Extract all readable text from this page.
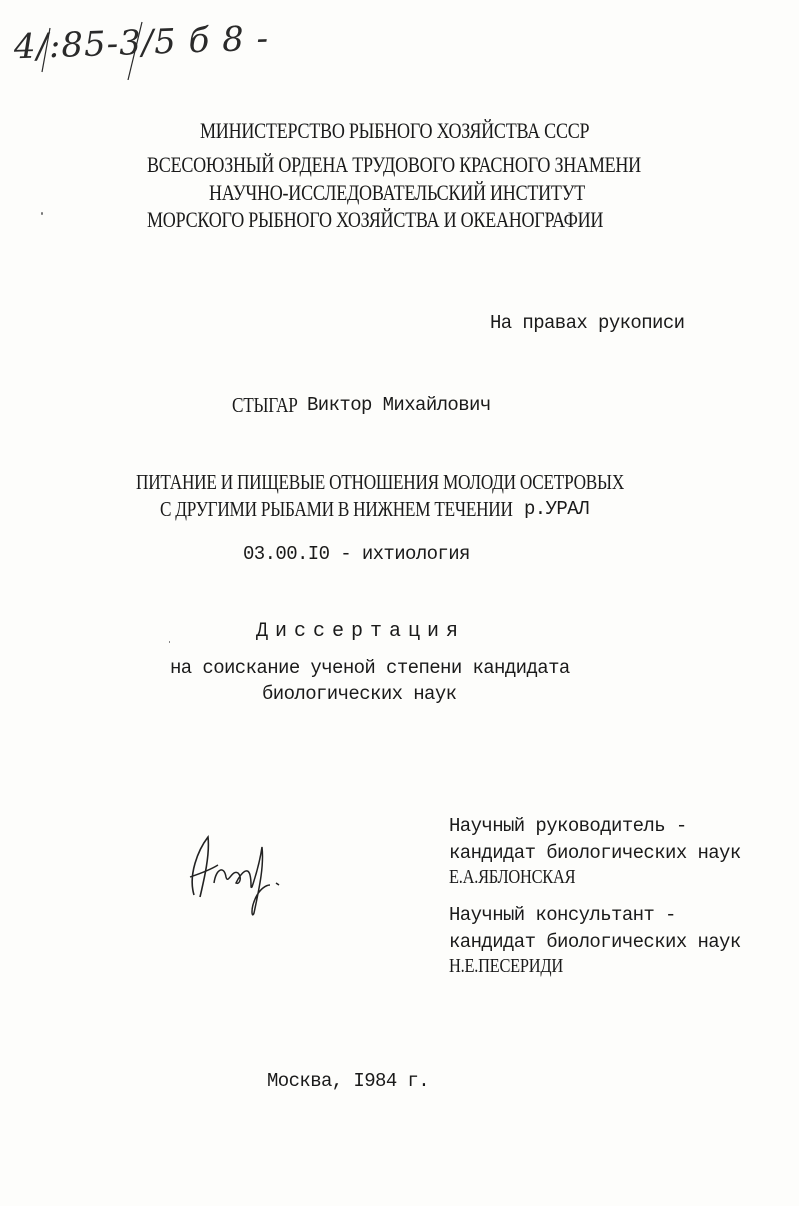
4/:85-3/5 б 8 - 9
МИНИСТЕРСТВО РЫБНОГО ХОЗЯЙСТВА СССР
ВСЕСОЮЗНЫЙ ОРДЕНА ТРУДОВОГО КРАСНОГО ЗНАМЕНИ
НАУЧНО-ИССЛЕДОВАТЕЛЬСКИЙ ИНСТИТУТ
МОРСКОГО РЫБНОГО ХОЗЯЙСТВА И ОКЕАНОГРАФИИ
На правах рукописи
СТЫГАР Виктор Михайлович
ПИТАНИЕ И ПИЩЕВЫЕ ОТНОШЕНИЯ МОЛОДИ ОСЕТРОВЫХ
С ДРУГИМИ РЫБАМИ В НИЖНЕМ ТЕЧЕНИИ р.УРАЛ
03.00.I0 - ихтиология
Диссертация
на соискание ученой степени кандидата
биологических наук
Научный руководитель -
кандидат биологических наук
Е.А.ЯБЛОНСКАЯ
Научный консультант -
кандидат биологических наук
Н.Е.ПЕСЕРИДИ
Москва, I984 г.
